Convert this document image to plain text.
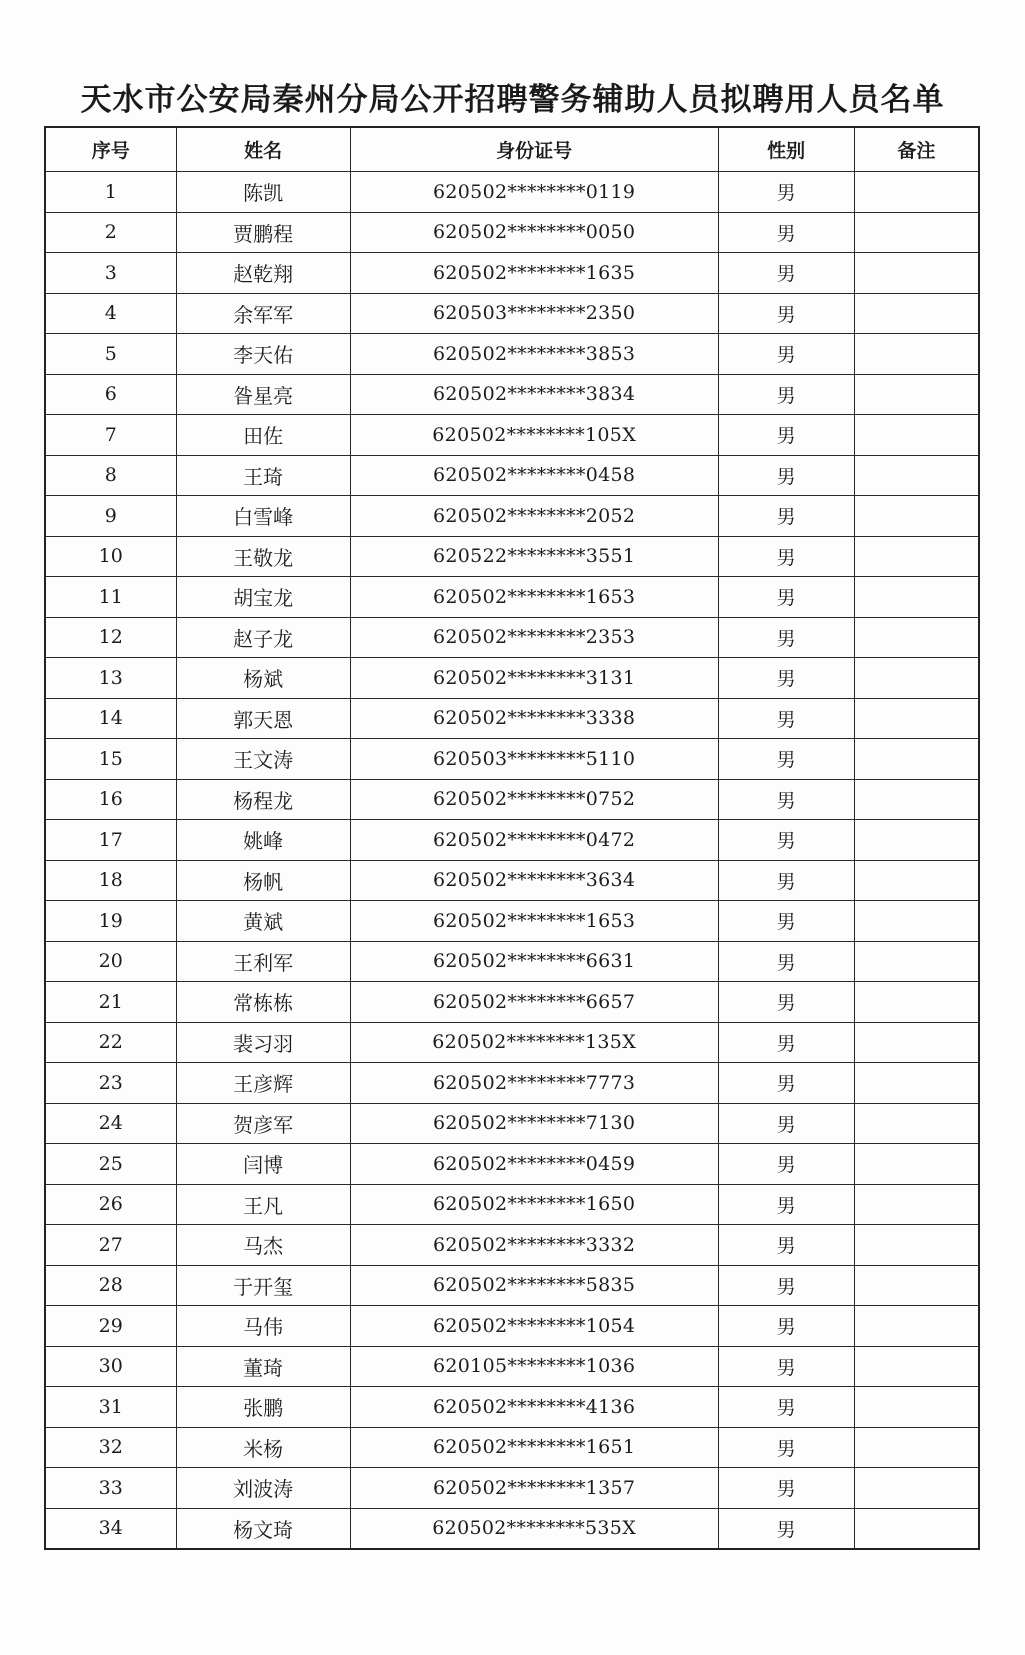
天水市公安局秦州分局公开招聘警务辅助人员拟聘用人员名单
序号	姓名	身份证号	性别	备注
1	陈凯	620502********0119	男	
2	贾鹏程	620502********0050	男	
3	赵乾翔	620502********1635	男	
4	余军军	620503********2350	男	
5	李天佑	620502********3853	男	
6	昝星亮	620502********3834	男	
7	田佐	620502********105X	男	
8	王琦	620502********0458	男	
9	白雪峰	620502********2052	男	
10	王敬龙	620522********3551	男	
11	胡宝龙	620502********1653	男	
12	赵子龙	620502********2353	男	
13	杨斌	620502********3131	男	
14	郭天恩	620502********3338	男	
15	王文涛	620503********5110	男	
16	杨程龙	620502********0752	男	
17	姚峰	620502********0472	男	
18	杨帆	620502********3634	男	
19	黄斌	620502********1653	男	
20	王利军	620502********6631	男	
21	常栋栋	620502********6657	男	
22	裴习羽	620502********135X	男	
23	王彦辉	620502********7773	男	
24	贺彦军	620502********7130	男	
25	闫博	620502********0459	男	
26	王凡	620502********1650	男	
27	马杰	620502********3332	男	
28	于开玺	620502********5835	男	
29	马伟	620502********1054	男	
30	董琦	620105********1036	男	
31	张鹏	620502********4136	男	
32	米杨	620502********1651	男	
33	刘波涛	620502********1357	男	
34	杨文琦	620502********535X	男	
